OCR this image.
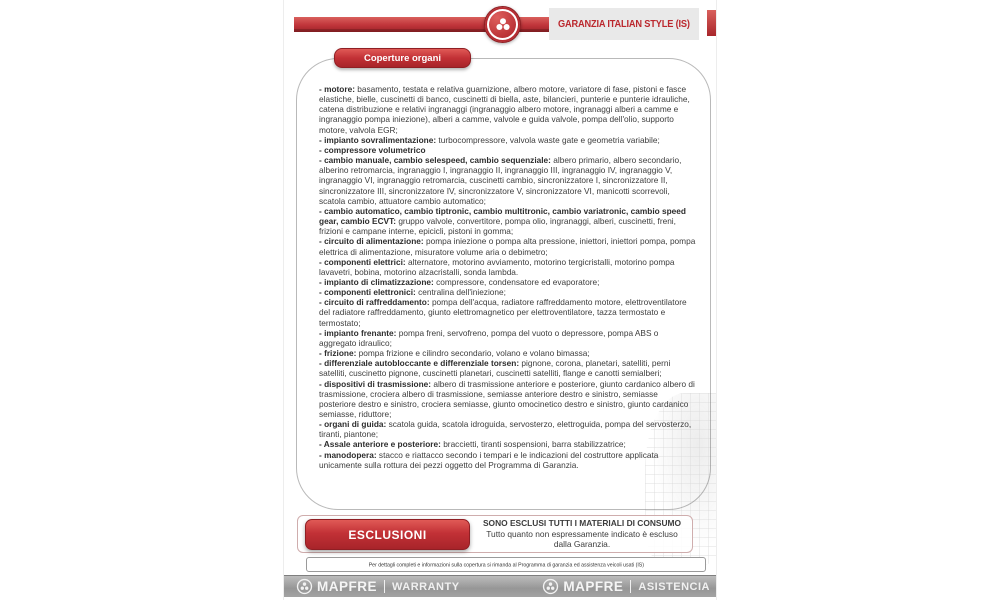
GARANZIA ITALIAN STYLE (IS)
Coperture organi

- motore: basamento, testata e relativa guarnizione, albero motore, variatore di fase, pistoni e fasce elastiche, bielle, cuscinetti di banco, cuscinetti di biella, aste, bilancieri, punterie e punterie idrauliche, catena distribuzione e relativi ingranaggi (ingranaggio albero motore, ingranaggi alberi a camme e ingranaggio pompa iniezione), alberi a camme, valvole e guida valvole, pompa dell'olio, supporto motore, valvola EGR;

- impianto sovralimentazione: turbocompressore, valvola waste gate e geometria variabile;

- compressore volumetrico

- cambio manuale, cambio selespeed, cambio sequenziale: albero primario, albero secondario, alberino retromarcia, ingranaggio I, ingranaggio II, ingranaggio III, ingranaggio IV, ingranaggio V, ingranaggio VI, ingranaggio retromarcia, cuscinetti cambio, sincronizzatore I, sincronizzatore II, sincronizzatore III, sincronizzatore IV, sincronizzatore V, sincronizzatore VI, manicotti scorrevoli, scatola cambio, attuatore cambio automatico;

- cambio automatico, cambio tiptronic, cambio multitronic, cambio variatronic, cambio speed gear, cambio ECVT: gruppo valvole, convertitore, pompa olio, ingranaggi, alberi, cuscinetti, freni, frizioni e campane interne, epicicli, pistoni in gomma;

- circuito di alimentazione: pompa iniezione o pompa alta pressione, iniettori, iniettori pompa, pompa elettrica di alimentazione, misuratore volume aria o debimetro;

- componenti elettrici: alternatore, motorino avviamento, motorino tergicristalli, motorino pompa lavavetri, bobina, motorino alzacristalli, sonda lambda.

- impianto di climatizzazione: compressore, condensatore ed evaporatore;

- componenti elettronici: centralina dell'iniezione;

- circuito di raffreddamento: pompa dell'acqua, radiatore raffreddamento motore, elettroventilatore del radiatore raffreddamento, giunto elettromagnetico per elettroventilatore, tazza termostato e termostato;

- impianto frenante: pompa freni, servofreno, pompa del vuoto o depressore, pompa ABS o aggregato idraulico;

- frizione: pompa frizione e cilindro secondario, volano e volano bimassa;

- differenziale autobloccante e differenziale torsen: pignone, corona, planetari, satelliti, perni satelliti, cuscinetto pignone, cuscinetti planetari, cuscinetti satelliti, flange e canotti semialberi;

- dispositivi di trasmissione: albero di trasmissione anteriore e posteriore, giunto cardanico albero di trasmissione, crociera albero di trasmissione, semiasse anteriore destro e sinistro, semiasse posteriore destro e sinistro, crociera semiasse, giunto omocinetico destro e sinistro, giunto cardanico semiasse, riduttore;

- organi di guida: scatola guida, scatola idroguida, servosterzo, elettroguida, pompa del servosterzo, tiranti, piantone;

- Assale anteriore e posteriore: braccietti, tiranti sospensioni, barra stabilizzatrice;

- manodopera: stacco e riattacco secondo i tempari e le indicazioni del costruttore applicata unicamente sulla rottura dei pezzi oggetto del Programma di Garanzia.

ESCLUSIONI
SONO ESCLUSI TUTTI I MATERIALI DI CONSUMO
Tutto quanto non espressamente indicato è escluso dalla Garanzia.
Per dettagli completi e informazioni sulla copertura si rimanda al Programma di garanzia ed assistenza veicoli usati (IS)
MAPFRE WARRANTY	MAPFRE ASISTENCIA
